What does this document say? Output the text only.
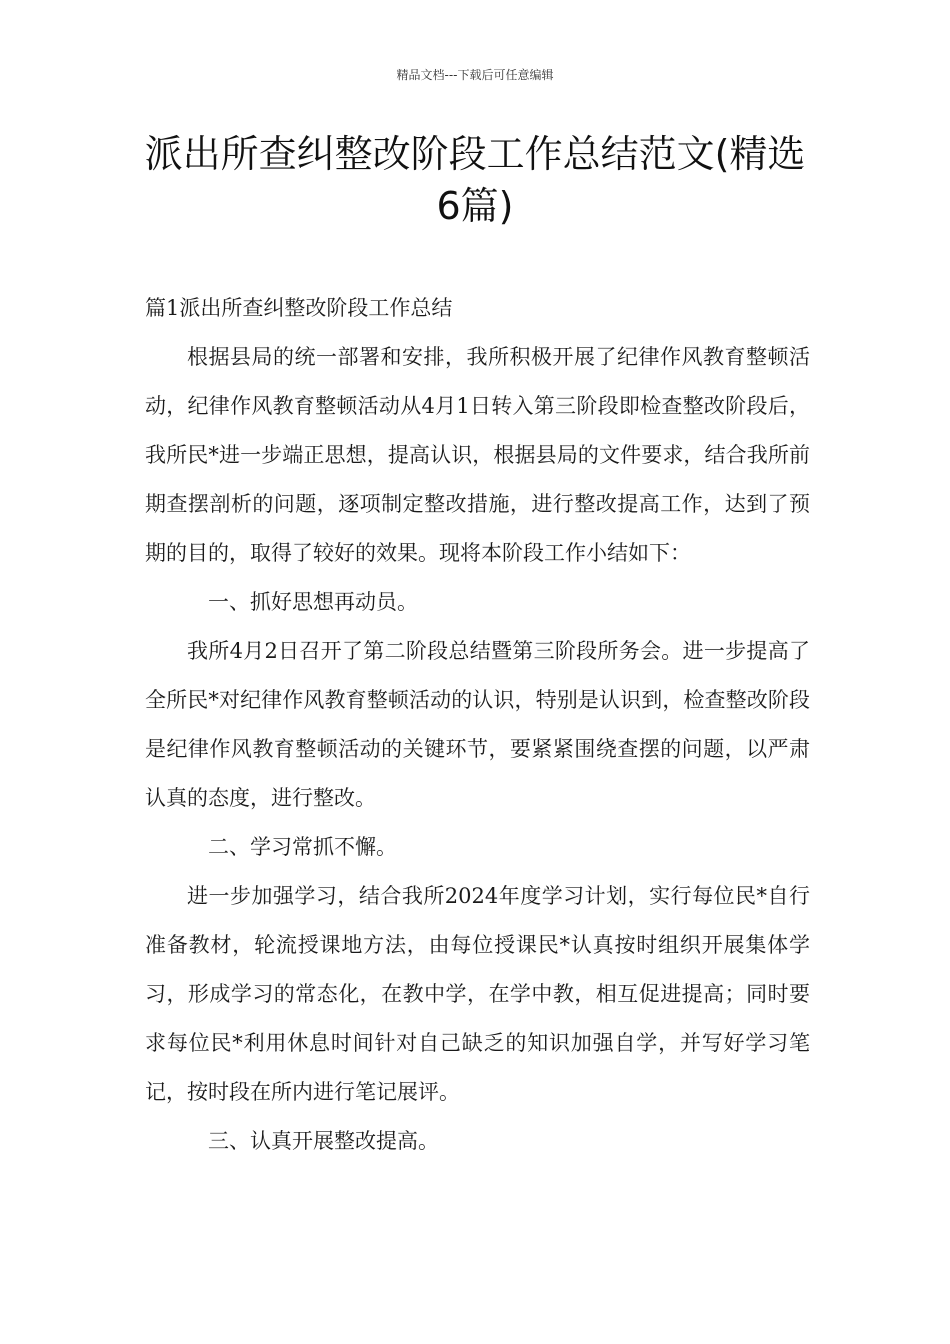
精品文档---下载后可任意编辑
派出所查纠整改阶段工作总结范文(精选6篇)

篇1派出所查纠整改阶段工作总结

根据县局的统一部署和安排，我所积极开展了纪律作风教育整顿活动，纪律作风教育整顿活动从4月1日转入第三阶段即检查整改阶段后，我所民*进一步端正思想，提高认识，根据县局的文件要求，结合我所前期查摆剖析的问题，逐项制定整改措施，进行整改提高工作，达到了预期的目的，取得了较好的效果。现将本阶段工作小结如下：

一、抓好思想再动员。

我所4月2日召开了第二阶段总结暨第三阶段所务会。进一步提高了全所民*对纪律作风教育整顿活动的认识，特别是认识到，检查整改阶段是纪律作风教育整顿活动的关键环节，要紧紧围绕查摆的问题，以严肃认真的态度，进行整改。

二、学习常抓不懈。

进一步加强学习，结合我所2024年度学习计划，实行每位民*自行准备教材，轮流授课地方法，由每位授课民*认真按时组织开展集体学习，形成学习的常态化，在教中学，在学中教，相互促进提高；同时要求每位民*利用休息时间针对自己缺乏的知识加强自学，并写好学习笔记，按时段在所内进行笔记展评。

三、认真开展整改提高。
